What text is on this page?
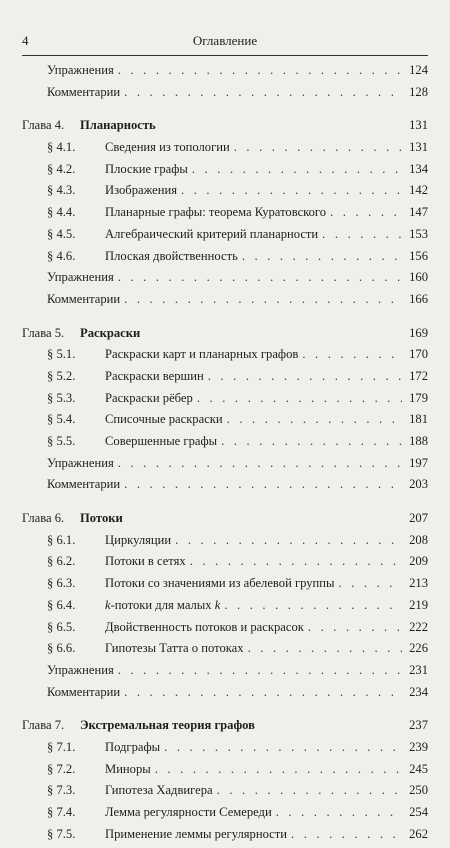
4	Оглавление
Упражнения . . .	124
Комментарии . . .	128
Глава 4.	Планарность	131
§ 4.1.	Сведения из топологии . . .	131
§ 4.2.	Плоские графы . . .	134
§ 4.3.	Изображения . . .	142
§ 4.4.	Планарные графы: теорема Куратовского . . .	147
§ 4.5.	Алгебраический критерий планарности . . .	153
§ 4.6.	Плоская двойственность . . .	156
Упражнения . . .	160
Комментарии . . .	166
Глава 5.	Раскраски	169
§ 5.1.	Раскраски карт и планарных графов . . .	170
§ 5.2.	Раскраски вершин . . .	172
§ 5.3.	Раскраски рёбер . . .	179
§ 5.4.	Списочные раскраски . . .	181
§ 5.5.	Совершенные графы . . .	188
Упражнения . . .	197
Комментарии . . .	203
Глава 6.	Потоки	207
§ 6.1.	Циркуляции . . .	208
§ 6.2.	Потоки в сетях . . .	209
§ 6.3.	Потоки со значениями из абелевой группы . . .	213
§ 6.4.	k-потоки для малых k . . .	219
§ 6.5.	Двойственность потоков и раскрасок . . .	222
§ 6.6.	Гипотезы Татта о потоках . . .	226
Упражнения . . .	231
Комментарии . . .	234
Глава 7.	Экстремальная теория графов	237
§ 7.1.	Подграфы . . .	239
§ 7.2.	Миноры . . .	245
§ 7.3.	Гипотеза Хадвигера . . .	250
§ 7.4.	Лемма регулярности Семереди . . .	254
§ 7.5.	Применение леммы регулярности . . .	262
